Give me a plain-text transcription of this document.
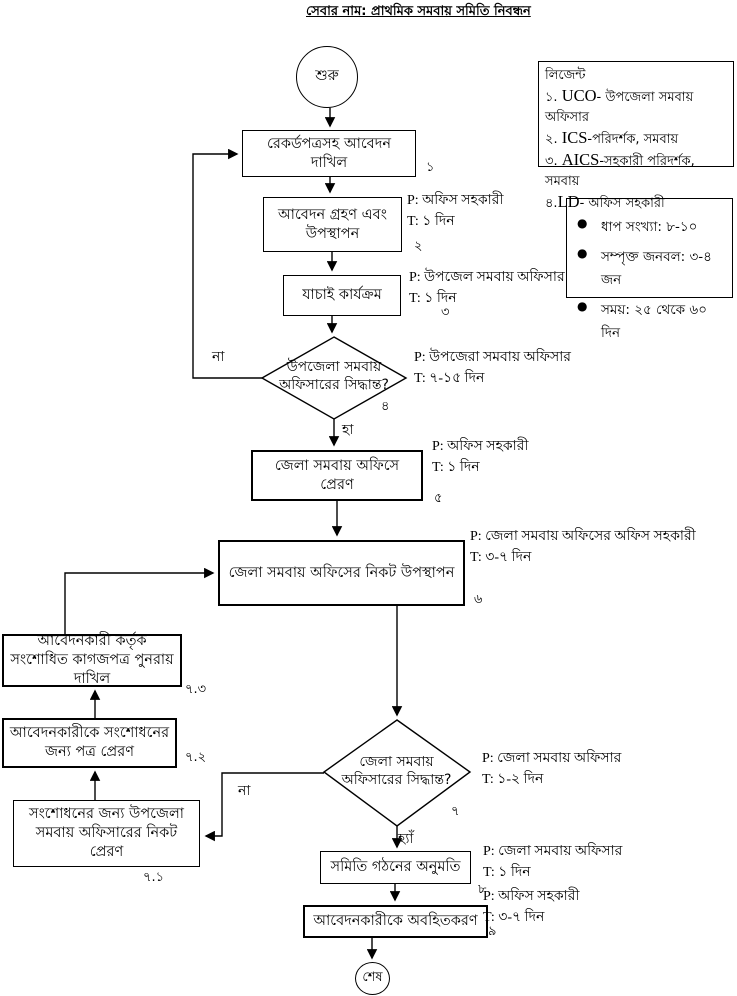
সেবার নাম: প্রাথমিক সমবায় সমিতি নিবন্ধন
লিজেন্ট
১. UCO- উপজেলা সমবায় অফিসার
২. ICS-পরিদর্শক, সমবায়
৩. AICS-সহকারী পরিদর্শক, সমবায়
৪.LD- অফিস সহকারী
●	ধাপ সংখ্যা: ৮-১০
●	সম্পৃক্ত জনবল: ৩-৪ জন
●	সময়: ২৫ থেকে ৬০ দিন
শুরু
শেষ
রেকর্ডপত্রসহ আবেদন দাখিল
আবেদন গ্রহণ এবং উপস্থাপন
যাচাই কার্যক্রম
জেলা সমবায় অফিসে প্রেরণ
জেলা সমবায় অফিসের নিকট উপস্থাপন
আবেদনকারী কর্তৃক সংশোধিত কাগজপত্র পুনরায় দাখিল
আবেদনকারীকে সংশোধনের জন্য পত্র প্রেরণ
সংশোধনের জন্য উপজেলা সমবায় অফিসারের নিকট প্রেরণ
সমিতি গঠনের অনুমতি
আবেদনকারীকে অবহিতকরণ
উপজেলা সমবায় অফিসারের সিদ্ধান্ত?
জেলা সমবায় অফিসারের সিদ্ধান্ত?
১
২
৩
৪
৫
৬
৭.৩
৭.২
৭.১
৭
৮
৯
P: অফিস সহকারী
T: ১ দিন
P: উপজেল সমবায় অফিসার
T: ১ দিন
P: উপজেরা সমবায় অফিসার
T: ৭-১৫ দিন
P: অফিস সহকারী
T: ১ দিন
P: জেলা সমবায় অফিসের অফিস সহকারী
T: ৩-৭ দিন
P: জেলা সমবায় অফিসার
T: ১-২ দিন
P: জেলা সমবায় অফিসার
T: ১ দিন
P: অফিস সহকারী
T: ৩-৭ দিন
না
হা
না
হ্যাঁ
